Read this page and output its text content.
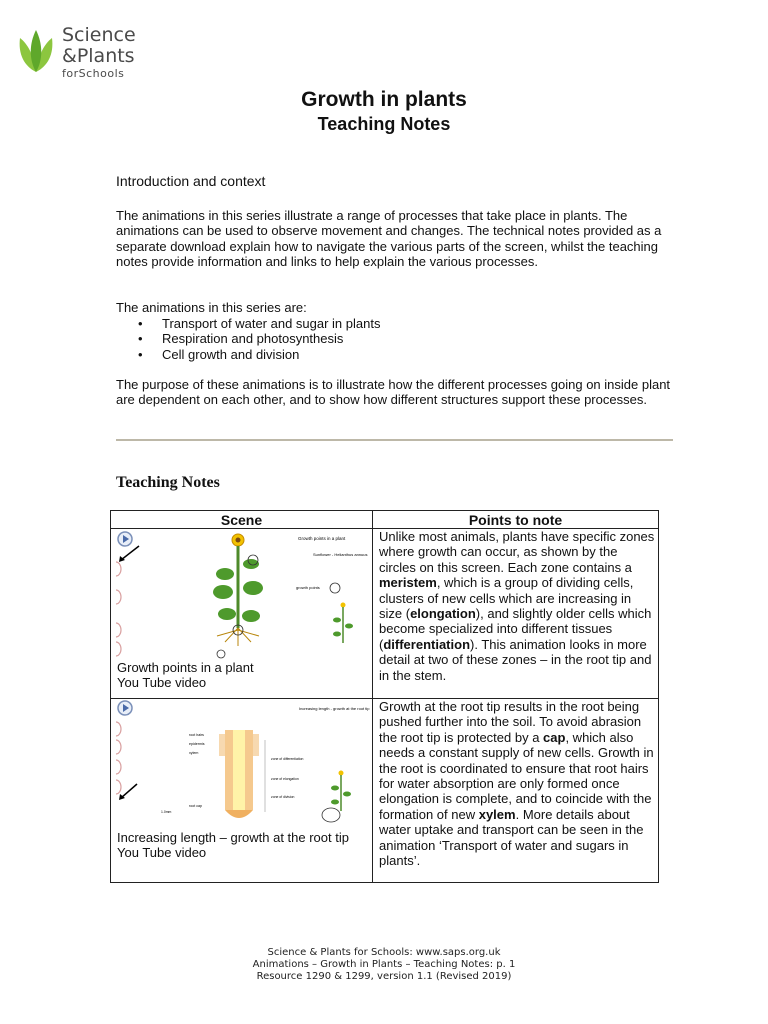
Science
&Plants
forSchools
Growth in plants
Teaching Notes
Introduction and context
The animations in this series illustrate a range of processes that take place in plants. The animations can be used to observe movement and changes. The technical notes provided as a separate download explain how to navigate the various parts of the screen, whilst the teaching notes provide information and links to help explain the various processes.
The animations in this series are:
• Transport of water and sugar in plants
• Respiration and photosynthesis
• Cell growth and division
The purpose of these animations is to illustrate how the different processes going on inside plant are dependent on each other, and to show how different structures support these processes.
Teaching Notes
Scene	Points to note
Growth points in a plant
Sunflower - Helianthus annuus
growth points
Growth points in a plant
You Tube video
Unlike most animals, plants have specific zones where growth can occur, as shown by the circles on this screen. Each zone contains a meristem, which is a group of dividing cells, clusters of new cells which are increasing in size (elongation), and slightly older cells which become specialized into different tissues (differentiation). This animation looks in more detail at two of these zones – in the root tip and in the stem.
Increasing length - growth at the root tip
root hairs
epidermis
xylem
root cap
zone of differentiation
zone of elongation
zone of division
1.0mm
Increasing length – growth at the root tip
You Tube video
Growth at the root tip results in the root being pushed further into the soil. To avoid abrasion the root tip is protected by a cap, which also needs a constant supply of new cells. Growth in the root is coordinated to ensure that root hairs for water absorption are only formed once elongation is complete, and to coincide with the formation of new xylem. More details about water uptake and transport can be seen in the animation ‘Transport of water and sugars in plants’.
Science & Plants for Schools: www.saps.org.uk
Animations – Growth in Plants – Teaching Notes: p. 1
Resource 1290 & 1299, version 1.1 (Revised 2019)
